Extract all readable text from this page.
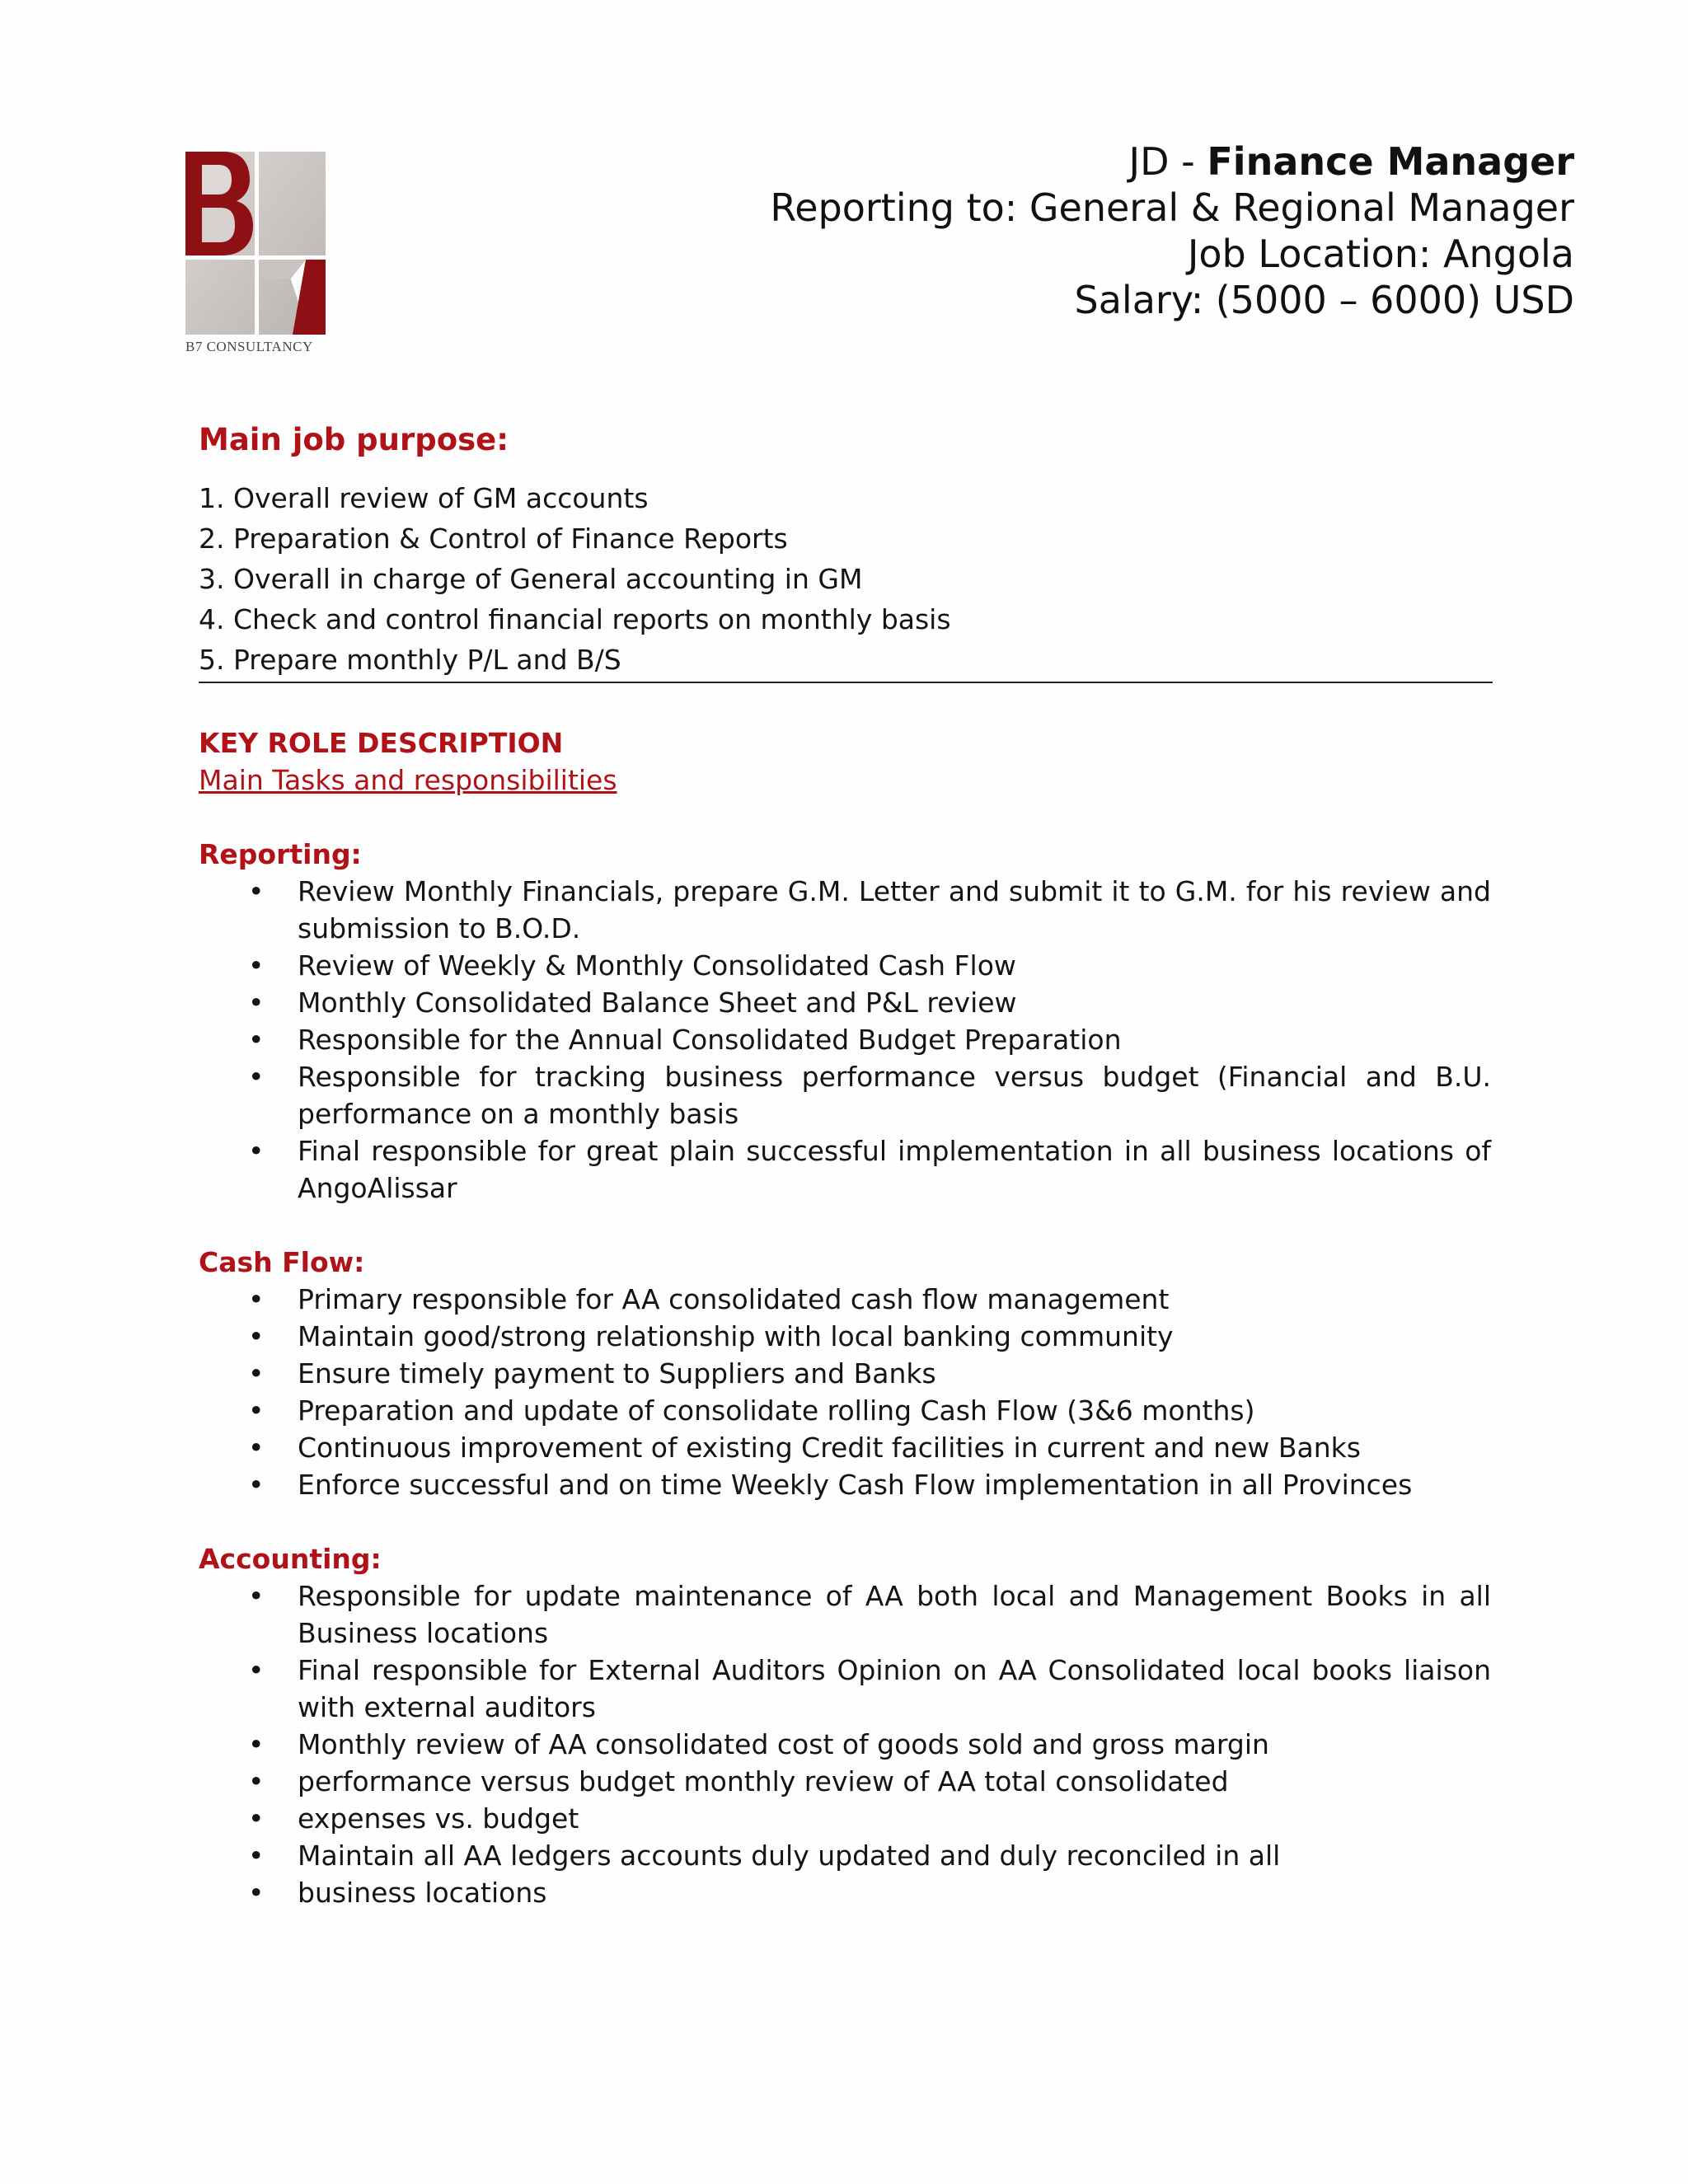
B7 CONSULTANCY
JD - Finance Manager
Reporting to: General & Regional Manager
Job Location: Angola
Salary: (5000 – 6000) USD
Main job purpose:
1. Overall review of GM accounts
2. Preparation & Control of Finance Reports
3. Overall in charge of General accounting in GM
4. Check and control financial reports on monthly basis
5. Prepare monthly P/L and B/S
KEY ROLE DESCRIPTION
Main Tasks and responsibilities
Reporting:
• Review Monthly Financials, prepare G.M. Letter and submit it to G.M. for his review and submission to B.O.D.
• Review of Weekly & Monthly Consolidated Cash Flow
• Monthly Consolidated Balance Sheet and P&L review
• Responsible for the Annual Consolidated Budget Preparation
• Responsible for tracking business performance versus budget (Financial and B.U. performance on a monthly basis
• Final responsible for great plain successful implementation in all business locations of AngoAlissar
Cash Flow:
• Primary responsible for AA consolidated cash flow management
• Maintain good/strong relationship with local banking community
• Ensure timely payment to Suppliers and Banks
• Preparation and update of consolidate rolling Cash Flow (3&6 months)
• Continuous improvement of existing Credit facilities in current and new Banks
• Enforce successful and on time Weekly Cash Flow implementation in all Provinces
Accounting:
• Responsible for update maintenance of AA both local and Management Books in all Business locations
• Final responsible for External Auditors Opinion on AA Consolidated local books liaison with external auditors
• Monthly review of AA consolidated cost of goods sold and gross margin
• performance versus budget monthly review of AA total consolidated
• expenses vs. budget
• Maintain all AA ledgers accounts duly updated and duly reconciled in all
• business locations
